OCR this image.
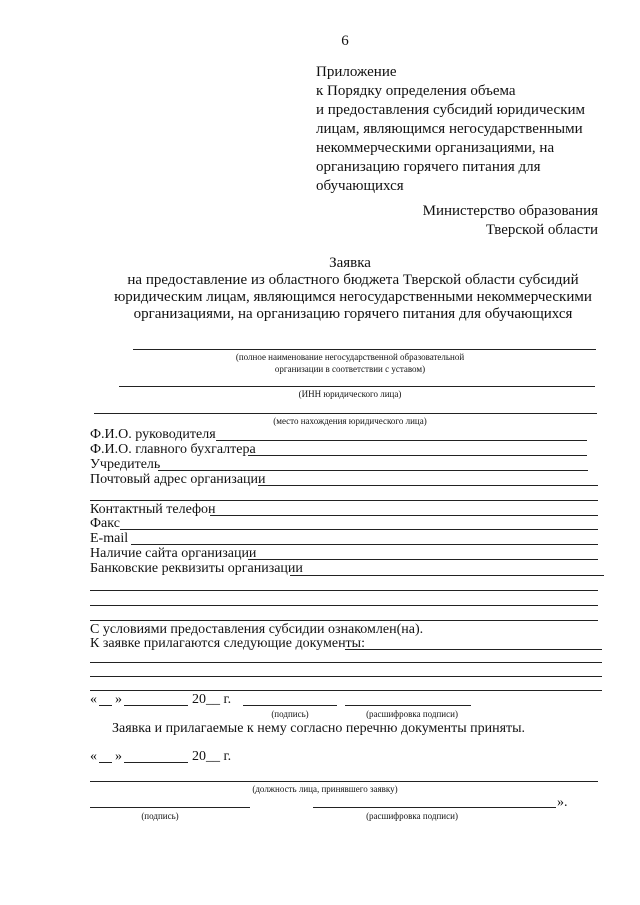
6
Приложение
к Порядку определения объема
и предоставления субсидий юридическим
лицам, являющимся негосударственными
некоммерческими организациями, на
организацию горячего питания для
обучающихся
Министерство образования
Тверской области
Заявка
на предоставление из областного бюджета Тверской области субсидий юридическим лицам, являющимся негосударственными некоммерческими организациями, на организацию горячего питания для обучающихся
(полное наименование негосударственной образовательной
организации в соответствии с уставом)
(ИНН юридического лица)
(место нахождения юридического лица)
Ф.И.О. руководителя
Ф.И.О. главного бухгалтера
Учредитель
Почтовый адрес организации
Контактный телефон
Факс
E-mail
Наличие сайта организации
Банковские реквизиты организации
С условиями предоставления субсидии ознакомлен(на).
К заявке прилагаются следующие документы:
« »	20__ г.
(подпись)	(расшифровка подписи)
Заявка и прилагаемые к нему согласно перечню документы приняты.
« »	20__ г.
(должность лица, принявшего заявку)
».
(подпись)	(расшифровка подписи)
